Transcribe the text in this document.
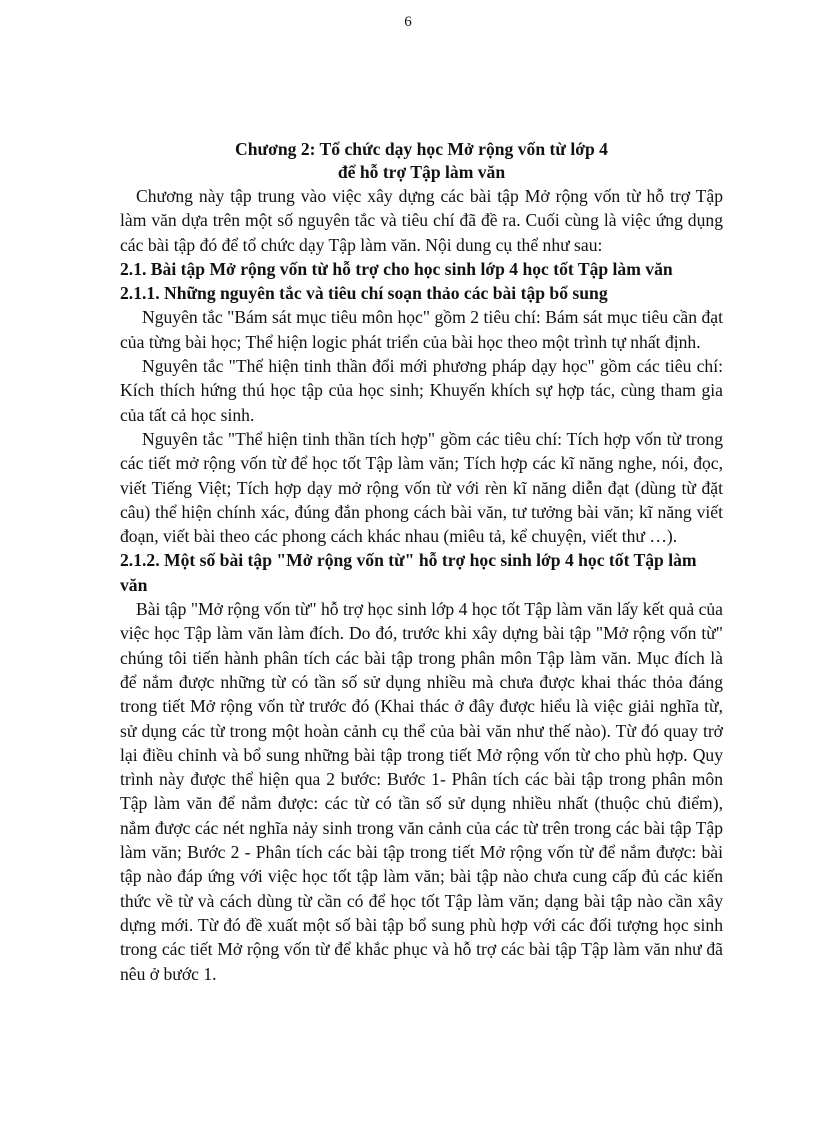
6
Chương 2: Tổ chức dạy học Mở rộng vốn từ lớp 4
để hỗ trợ Tập làm văn

Chương này tập trung vào việc xây dựng các bài tập Mở rộng vốn từ hỗ trợ Tập làm văn dựa trên một số nguyên tắc và tiêu chí đã đề ra. Cuối cùng là việc ứng dụng các bài tập đó để tổ chức dạy Tập làm văn. Nội dung cụ thể như sau:

2.1. Bài tập Mở rộng vốn từ hỗ trợ cho học sinh lớp 4 học tốt Tập làm văn

2.1.1. Những nguyên tắc và tiêu chí soạn thảo các bài tập bổ sung

Nguyên tắc "Bám sát mục tiêu môn học" gồm 2 tiêu chí: Bám sát mục tiêu cần đạt của từng bài học; Thể hiện logic phát triển của bài học theo một trình tự nhất định.

Nguyên tắc "Thể hiện tinh thần đổi mới phương pháp dạy học" gồm các tiêu chí: Kích thích hứng thú học tập của học sinh; Khuyến khích sự hợp tác, cùng tham gia của tất cả học sinh.

Nguyên tắc "Thể hiện tinh thần tích hợp" gồm các tiêu chí: Tích hợp vốn từ trong các tiết mở rộng vốn từ để học tốt Tập làm văn; Tích hợp các kĩ năng nghe, nói, đọc, viết Tiếng Việt; Tích hợp dạy mở rộng vốn từ với rèn kĩ năng diễn đạt (dùng từ đặt câu) thể hiện chính xác, đúng đắn phong cách bài văn, tư tưởng bài văn; kĩ năng viết đoạn, viết bài theo các phong cách khác nhau (miêu tả, kể chuyện, viết thư …).

2.1.2. Một số bài tập "Mở rộng vốn từ" hỗ trợ học sinh lớp 4 học tốt Tập làm văn

Bài tập "Mở rộng vốn từ" hỗ trợ học sinh lớp 4 học tốt Tập làm văn lấy kết quả của việc học Tập làm văn làm đích. Do đó, trước khi xây dựng bài tập "Mở rộng vốn từ" chúng tôi tiến hành phân tích các bài tập trong phân môn Tập làm văn. Mục đích là để nắm được những từ có tần số sử dụng nhiều mà chưa được khai thác thỏa đáng trong tiết Mở rộng vốn từ trước đó (Khai thác ở đây được hiểu là việc giải nghĩa từ, sử dụng các từ trong một hoàn cảnh cụ thể của bài văn như thế nào). Từ đó quay trở lại điều chỉnh và bổ sung những bài tập trong tiết Mở rộng vốn từ cho phù hợp. Quy trình này được thể hiện qua 2 bước: Bước 1- Phân tích các bài tập trong phân môn Tập làm văn để nắm được: các từ có tần số sử dụng nhiều nhất (thuộc chủ điểm), nắm được các nét nghĩa nảy sinh trong văn cảnh của các từ trên trong các bài tập Tập làm văn; Bước 2 - Phân tích các bài tập trong tiết Mở rộng vốn từ để nắm được: bài tập nào đáp ứng với việc học tốt tập làm văn; bài tập nào chưa cung cấp đủ các kiến thức về từ và cách dùng từ cần có để học tốt Tập làm văn; dạng bài tập nào cần xây dựng mới. Từ đó đề xuất một số bài tập bổ sung phù hợp với các đối tượng học sinh trong các tiết Mở rộng vốn từ để khắc phục và hỗ trợ các bài tập Tập làm văn như đã nêu ở bước 1.
